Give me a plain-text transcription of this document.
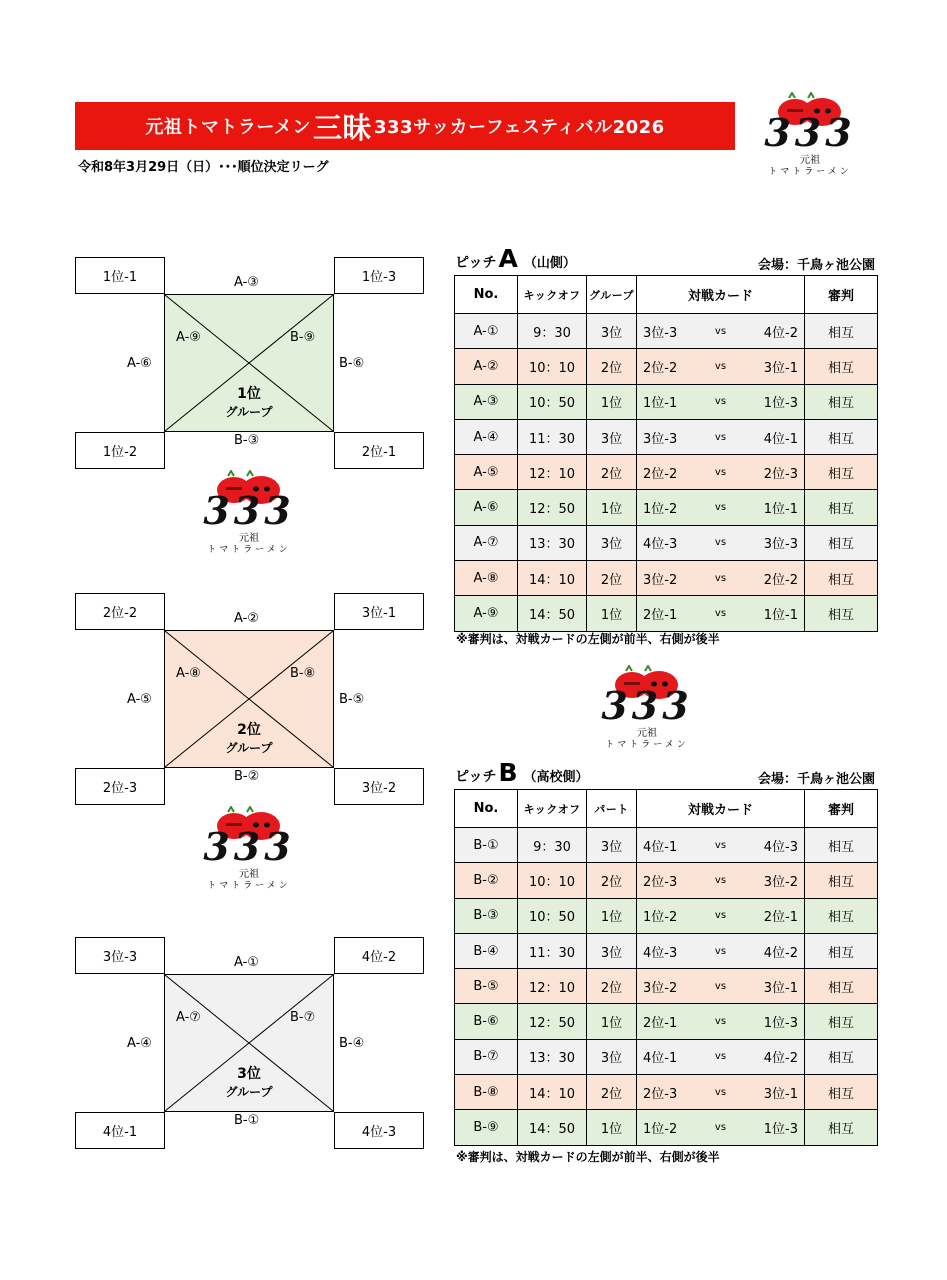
元祖トマトラーメン 三昧 333サッカーフェスティバル2026
令和8年3月29日（日）･･･順位決定リーグ
333
元祖
トマトラーメン
333
元祖
トマトラーメン
333
元祖
トマトラーメン
333
元祖
トマトラーメン
1位-1	1位-3
1位-2	2位-1
A-③
B-③
A-⑥	B-⑥
A-⑨	B-⑨
1位
グループ
2位-2	3位-1
2位-3	3位-2
A-②
B-②
A-⑤	B-⑤
A-⑧	B-⑧
2位
グループ
3位-3	4位-2
4位-1	4位-3
A-①
B-①
A-④	B-④
A-⑦	B-⑦
3位
グループ
ピッチA （山側）	会場：千鳥ヶ池公園
No.	キックオフ	グループ	対戦カード	審判
A-①	9：30	3位	3位-3 vs 4位-2	相互
A-②	10：10	2位	2位-2 vs 3位-1	相互
A-③	10：50	1位	1位-1 vs 1位-3	相互
A-④	11：30	3位	3位-3 vs 4位-1	相互
A-⑤	12：10	2位	2位-2 vs 2位-3	相互
A-⑥	12：50	1位	1位-2 vs 1位-1	相互
A-⑦	13：30	3位	4位-3 vs 3位-3	相互
A-⑧	14：10	2位	3位-2 vs 2位-2	相互
A-⑨	14：50	1位	2位-1 vs 1位-1	相互
※審判は、対戦カードの左側が前半、右側が後半
ピッチB （高校側）	会場：千鳥ヶ池公園
No.	キックオフ	パート	対戦カード	審判
B-①	9：30	3位	4位-1 vs 4位-3	相互
B-②	10：10	2位	2位-3 vs 3位-2	相互
B-③	10：50	1位	1位-2 vs 2位-1	相互
B-④	11：30	3位	4位-3 vs 4位-2	相互
B-⑤	12：10	2位	3位-2 vs 3位-1	相互
B-⑥	12：50	1位	2位-1 vs 1位-3	相互
B-⑦	13：30	3位	4位-1 vs 4位-2	相互
B-⑧	14：10	2位	2位-3 vs 3位-1	相互
B-⑨	14：50	1位	1位-2 vs 1位-3	相互
※審判は、対戦カードの左側が前半、右側が後半
